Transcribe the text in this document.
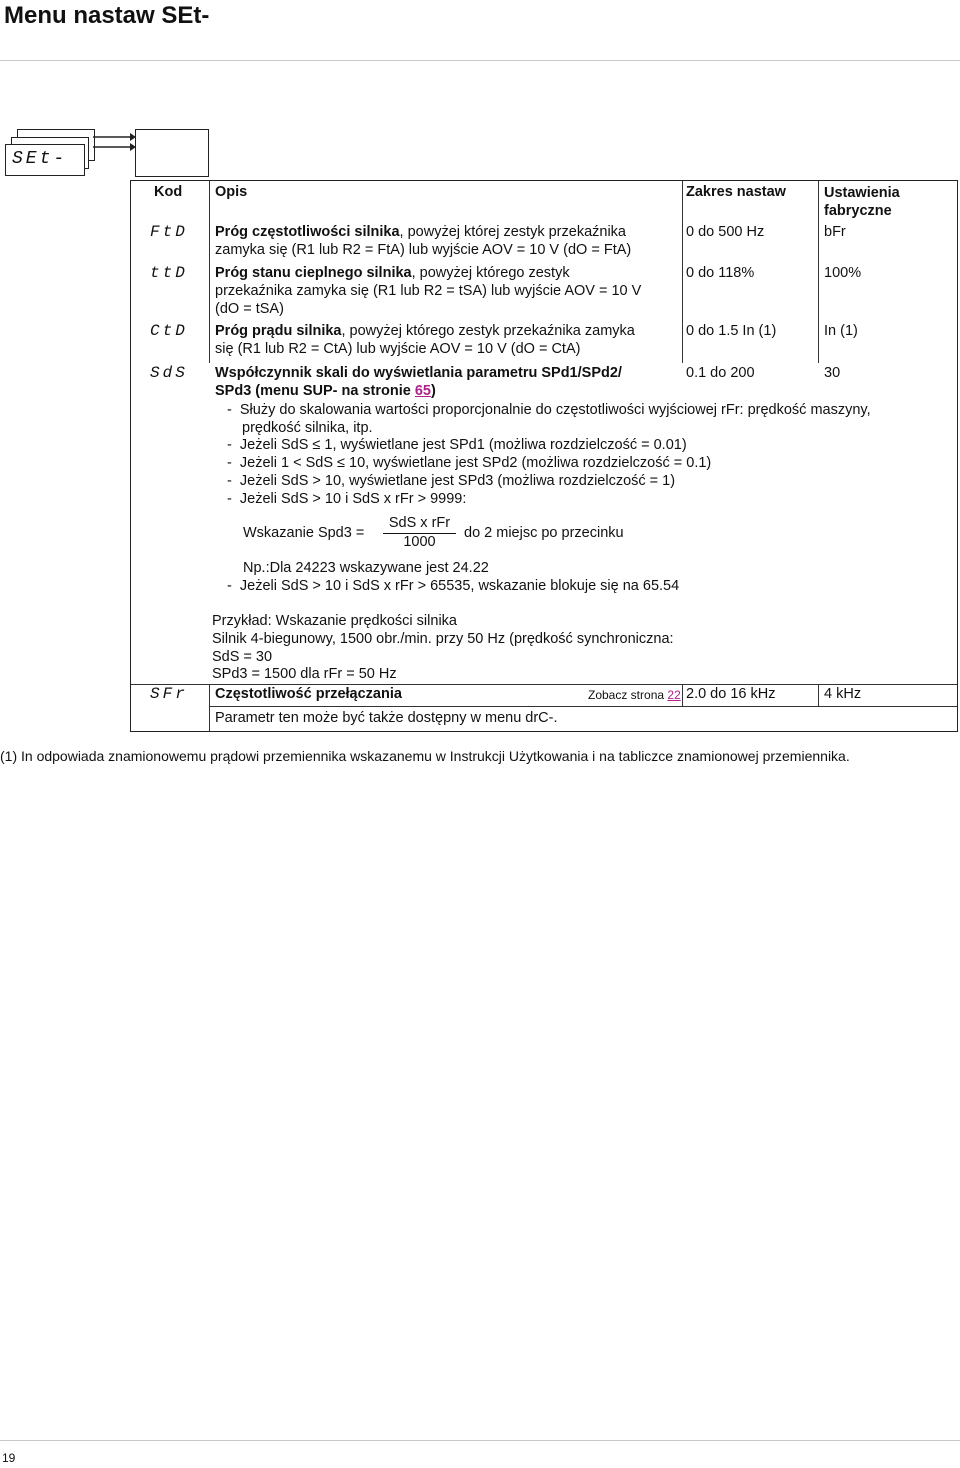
Menu nastaw SEt-
SEt-
Kod Opis	Zakres nastaw	Ustawienia fabryczne
FtD Próg częstotliwości silnika, powyżej której zestyk przekaźnika
zamyka się (R1 lub R2 = FtA) lub wyjście AOV = 10 V (dO = FtA)
0 do 500 Hz	bFr
ttD Próg stanu cieplnego silnika, powyżej którego zestyk
przekaźnika zamyka się (R1 lub R2 = tSA) lub wyjście AOV = 10 V
(dO = tSA)
0 do 118%	100%
CtD Próg prądu silnika, powyżej którego zestyk przekaźnika zamyka
się (R1 lub R2 = CtA) lub wyjście AOV = 10 V (dO = CtA)
0 do 1.5 In (1)	In (1)
SdS Współczynnik skali do wyświetlania parametru SPd1/SPd2/
SPd3 (menu SUP- na stronie 65)
0.1 do 200	30
-  Służy do skalowania wartości proporcjonalnie do częstotliwości wyjściowej rFr: prędkość maszyny,
prędkość silnika, itp.
-  Jeżeli SdS ≤ 1, wyświetlane jest SPd1 (możliwa rozdzielczość = 0.01)
-  Jeżeli 1 < SdS ≤ 10, wyświetlane jest SPd2 (możliwa rozdzielczość = 0.1)
-  Jeżeli SdS > 10, wyświetlane jest SPd3 (możliwa rozdzielczość = 1)
-  Jeżeli SdS > 10 i SdS x rFr > 9999:
Wskazanie Spd3 =
SdS x rFr
1000
do 2 miejsc po przecinku
Np.:Dla 24223 wskazywane jest 24.22
-  Jeżeli SdS > 10 i SdS x rFr > 65535, wskazanie blokuje się na 65.54
Przykład: Wskazanie prędkości silnika
Silnik 4-biegunowy, 1500 obr./min. przy 50 Hz (prędkość synchroniczna:
SdS = 30
SPd3 = 1500 dla rFr = 50 Hz
SFr Częstotliwość przełączania	Zobacz strona 22 2.0 do 16 kHz	4 kHz
Parametr ten może być także dostępny w menu drC-.
(1) In odpowiada znamionowemu prądowi przemiennika wskazanemu w Instrukcji Użytkowania i na tabliczce znamionowej przemiennika.
19
